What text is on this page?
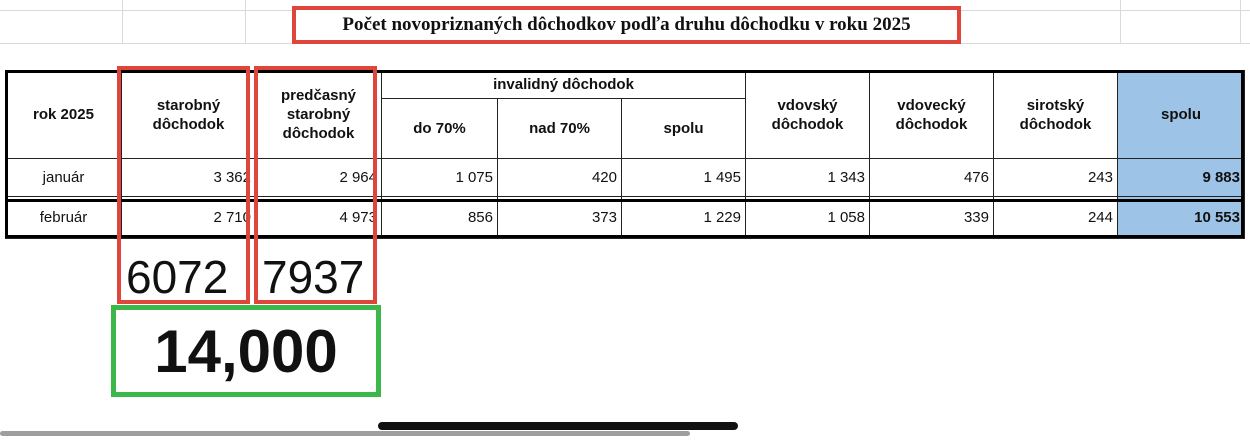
Počet novopriznaných dôchodkov podľa druhu dôchodku v roku 2025
rok 2025	starobný dôchodok	predčasný starobný dôchodok	invalidný dôchodok			vdovský dôchodok	vdovecký dôchodok	sirotský dôchodok	spolu
			do 70%	nad 70%	spolu				
január	3 362	2 964	1 075	420	1 495	1 343	476	243	9 883
február	2 710	4 973	856	373	1 229	1 058	339	244	10 553
6072 7937
14,000
